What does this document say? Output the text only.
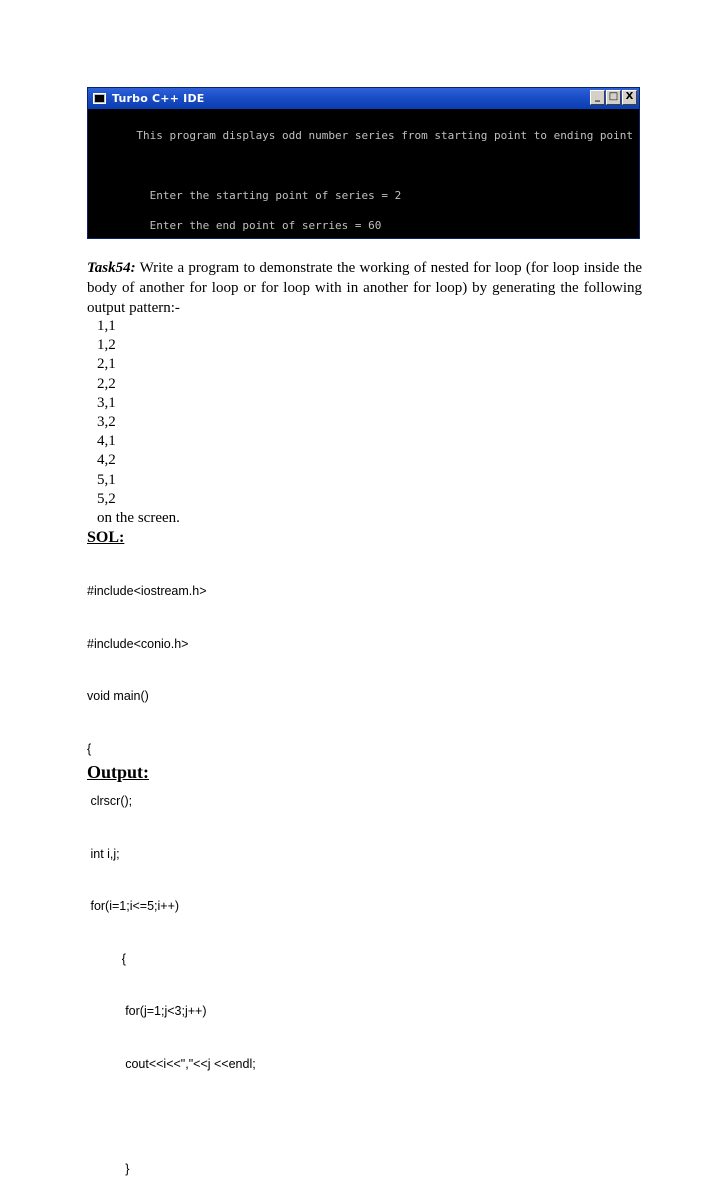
Turbo C++ IDE	_ □ X

This program displays odd number series from starting point to ending point

Enter the starting point of series = 2

Enter the end point of serries = 60

Task54: Write a program to demonstrate the working of nested for loop (for loop inside the body of another for loop or for loop with in another for loop) by generating the following output pattern:-
1,1
1,2
2,1
2,2
3,1
3,2
4,1
4,2
5,1
5,2
on the screen.
SOL:

#include<iostream.h>

#include<conio.h>

void main()

{

clrscr();

int i,j;

for(i=1;i<=5;i++)

{

for(j=1;j<3;j++)

cout<<i<<","<<j <<endl;

}

Output:
